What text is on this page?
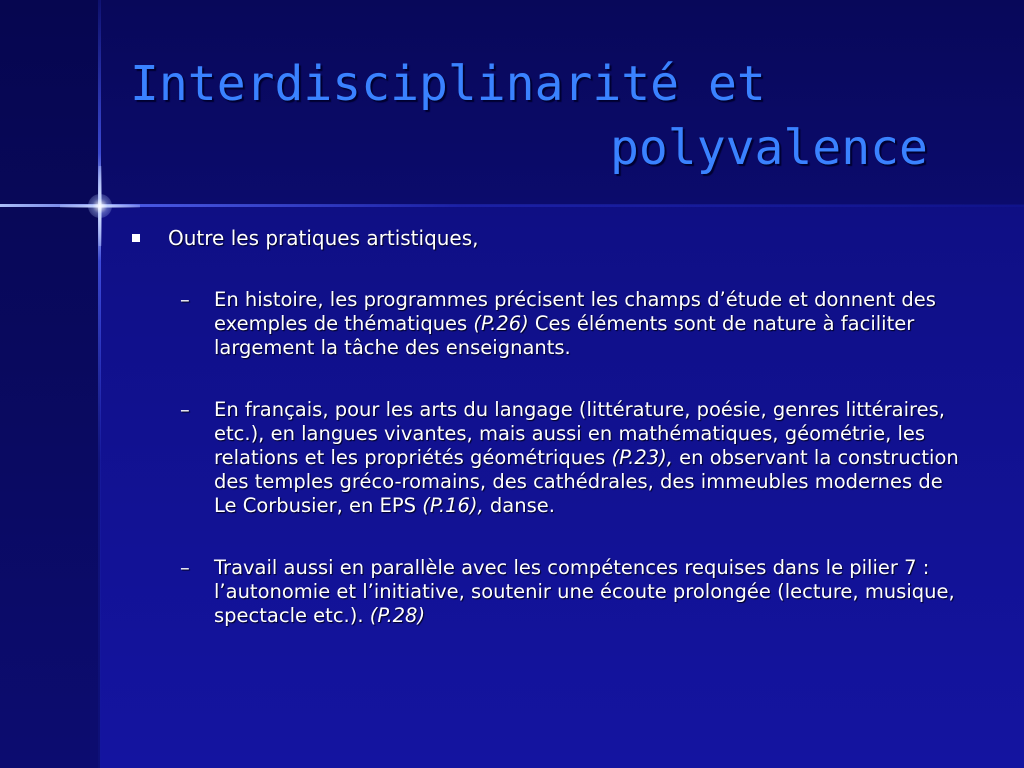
Interdisciplinarité et
polyvalence
Outre les pratiques artistiques,
– En histoire, les programmes précisent les champs d’étude et donnent des exemples de thématiques (P.26) Ces éléments sont de nature à faciliter largement la tâche des enseignants.
– En français, pour les arts du langage (littérature, poésie, genres littéraires, etc.), en langues vivantes, mais aussi en mathématiques, géométrie, les relations et les propriétés géométriques (P.23), en observant la construction des temples gréco-romains, des cathédrales, des immeubles modernes de Le Corbusier, en EPS (P.16), danse.
– Travail aussi en parallèle avec les compétences requises dans le pilier 7 : l’autonomie et l’initiative, soutenir une écoute prolongée (lecture, musique, spectacle etc.). (P.28)
